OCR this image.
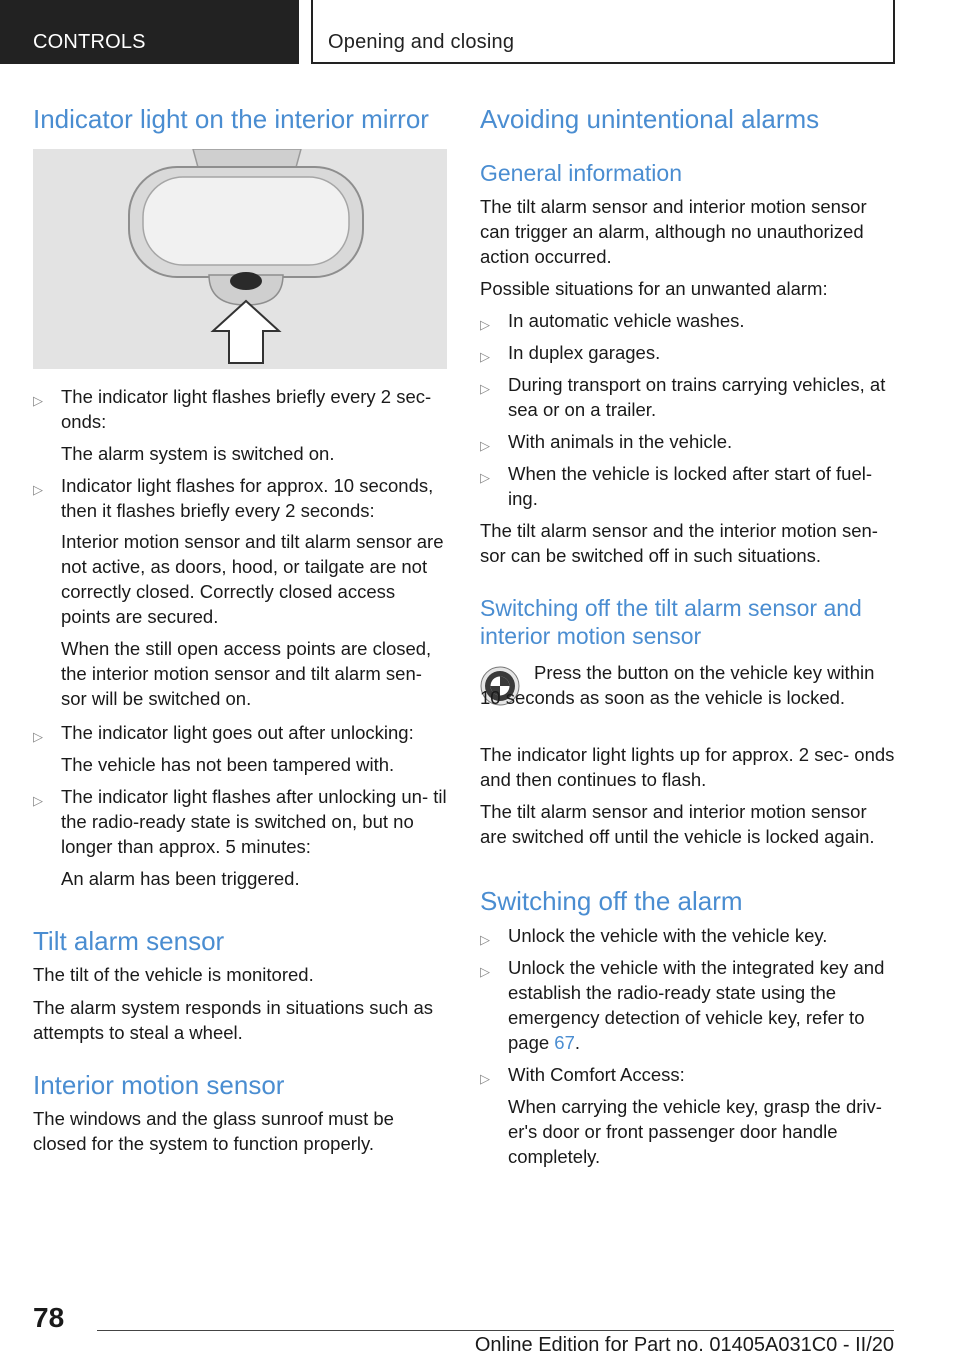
CONTROLS	Opening and closing
Indicator light on the interior mirror
▷ The indicator light flashes briefly every 2 sec‐ onds:
The alarm system is switched on.
▷ Indicator light flashes for approx. 10 seconds, then it flashes briefly every 2 seconds:
Interior motion sensor and tilt alarm sensor are not active, as doors, hood, or tailgate are not correctly closed. Correctly closed access points are secured.
When the still open access points are closed, the interior motion sensor and tilt alarm sen‐ sor will be switched on.
▷ The indicator light goes out after unlocking:
The vehicle has not been tampered with.
▷ The indicator light flashes after unlocking un‐ til the radio-ready state is switched on, but no longer than approx. 5 minutes:
An alarm has been triggered.
Tilt alarm sensor
The tilt of the vehicle is monitored.
The alarm system responds in situations such as attempts to steal a wheel.
Interior motion sensor
The windows and the glass sunroof must be closed for the system to function properly.
Avoiding unintentional alarms
General information
The tilt alarm sensor and interior motion sensor can trigger an alarm, although no unauthorized action occurred.
Possible situations for an unwanted alarm:
▷ In automatic vehicle washes.
▷ In duplex garages.
▷ During transport on trains carrying vehicles, at sea or on a trailer.
▷ With animals in the vehicle.
▷ When the vehicle is locked after start of fuel‐ ing.
The tilt alarm sensor and the interior motion sen‐ sor can be switched off in such situations.
Switching off the tilt alarm sensor and interior motion sensor
Press the button on the vehicle key within 10 seconds as soon as the vehicle is locked.
The indicator light lights up for approx. 2 sec‐ onds and then continues to flash.
The tilt alarm sensor and interior motion sensor are switched off until the vehicle is locked again.
Switching off the alarm
▷ Unlock the vehicle with the vehicle key.
▷ Unlock the vehicle with the integrated key and establish the radio-ready state using the emergency detection of vehicle key, refer to page 67.
▷ With Comfort Access:
When carrying the vehicle key, grasp the driv‐ er's door or front passenger door handle completely.
78
Online Edition for Part no. 01405A031C0 - II/20
